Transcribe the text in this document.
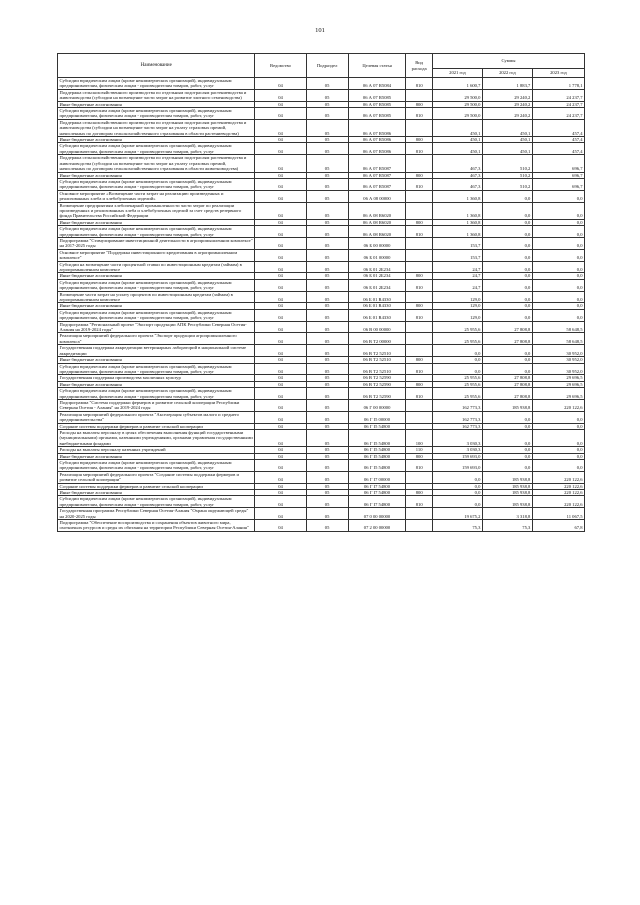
101
Наименование	Ведомство	Подраздел	Целевая статья	Вид расхода	Суммы		
					2021 год	2022 год	2023 год
Субсидии юридическим лицам (кроме некоммерческих организаций), индивидуальным предпринимателям, физическим лицам - производителям товаров, работ, услуг	04	05	06 А 07 R5084	810	1 600,7	1 883,7	1 778,1
Поддержка сельскохозяйственного производства по отдельным подотраслям растениеводства и животноводства (субсидии на возмещение части затрат на развитие элитного семеноводства)	04	05	06 А 07 R5085		29 500,0	29 240,2	24 237,7
Иные бюджетные ассигнования	04	05	06 А 07 R5085	800	29 500,0	29 240,2	24 237,7
Субсидии юридическим лицам (кроме некоммерческих организаций), индивидуальным предпринимателям, физическим лицам - производителям товаров, работ, услуг	04	05	06 А 07 R5085	810	29 500,0	29 240,2	24 237,7
Поддержка сельскохозяйственного производства по отдельным подотраслям растениеводства и животноводства (субсидии на возмещение части затрат на уплату страховых премий, начисленных по договорам сельскохозяйственного страхования в области растениеводства)	04	05	06 А 07 R5086		450,1	450,1	457,4
Иные бюджетные ассигнования	04	05	06 А 07 R5086	800	450,1	450,1	457,4
Субсидии юридическим лицам (кроме некоммерческих организаций), индивидуальным предпринимателям, физическим лицам - производителям товаров, работ, услуг	04	05	06 А 07 R5086	810	450,1	450,1	457,4
Поддержка сельскохозяйственного производства по отдельным подотраслям растениеводства и животноводства (субсидии на возмещение части затрат на уплату страховых премий, начисленных по договорам сельскохозяйственного страхования в области животноводства)	04	05	06 А 07 R5087		467,3	510,2	696,7
Иные бюджетные ассигнования	04	05	06 А 07 R5087	800	467,3	510,2	696,7
Субсидии юридическим лицам (кроме некоммерческих организаций), индивидуальным предпринимателям, физическим лицам - производителям товаров, работ, услуг	04	05	06 А 07 R5087	810	467,3	510,2	696,7
Основное мероприятие «Возмещение части затрат на реализацию произведенных и реализованных хлеба и хлебобулочных изделий»	04	05	06 А 08 00000		1 360,8	0,0	0,0
Возмещение предприятиям хлебопекарной промышленности части затрат по реализации произведенных и реализованных хлеба и хлебобулочных изделий за счет средств резервного фонда Правительства Российской Федерации	04	05	06 А 08 R6020		1 360,8	0,0	0,0
Иные бюджетные ассигнования	04	05	06 А 08 R6020	800	1 360,8	0,0	0,0
Субсидии юридическим лицам (кроме некоммерческих организаций), индивидуальным предпринимателям, физическим лицам - производителям товаров, работ, услуг	04	05	06 А 08 R6020	810	1 360,8	0,0	0,0
Подпрограмма "Стимулирование инвестиционной деятельности в агропромышленном комплексе" на 2017-2025 годы	04	05	06 Б 00 00000		153,7	0,0	0,0
Основное мероприятие "Поддержка инвестиционного кредитования в агропромышленном комплексе"	04	05	06 Б 01 00000		153,7	0,0	0,0
Субсидии на возмещение части процентной ставки по инвестиционным кредитам (займам) в агропромышленном комплексе	04	05	06 Б 01 2Б234		24,7	0,0	0,0
Иные бюджетные ассигнования	04	05	06 Б 01 2Б234	800	24,7	0,0	0,0
Субсидии юридическим лицам (кроме некоммерческих организаций), индивидуальным предпринимателям, физическим лицам - производителям товаров, работ, услуг	04	05	06 Б 01 2Б234	810	24,7	0,0	0,0
Возмещение части затрат на уплату процентов по инвестиционным кредитам (займам) в агропромышленном комплексе	04	05	06 Б 01 R4330		129,0	0,0	0,0
Иные бюджетные ассигнования	04	05	06 Б 01 R4330	800	129,0	0,0	0,0
Субсидии юридическим лицам (кроме некоммерческих организаций), индивидуальным предпринимателям, физическим лицам - производителям товаров, работ, услуг	04	05	06 Б 01 R4330	810	129,0	0,0	0,0
Подпрограмма "Региональный проект "Экспорт продукции АПК Республики Северная Осетия-Алания на 2019-2024 годы"	04	05	06 В 00 00000		25 955,6	27 808,8	58 648,5
Реализация мероприятий федерального проекта "Экспорт продукции агропромышленного комплекса"	04	05	06 В Т2 00000		25 955,6	27 808,8	58 648,5
Государственная поддержка аккредитации ветеринарных лабораторий в национальной системе аккредитации	04	05	06 В Т2 52510		0,0	0,0	30 952,0
Иные бюджетные ассигнования	04	05	06 В Т2 52510	800	0,0	0,0	30 952,0
Субсидии юридическим лицам (кроме некоммерческих организаций), индивидуальным предпринимателям, физическим лицам - производителям товаров, работ, услуг	04	05	06 В Т2 52510	810	0,0	0,0	30 952,0
Государственная поддержка производства масличных культур	04	05	06 В Т2 52590		25 955,6	27 808,8	29 696,5
Иные бюджетные ассигнования	04	05	06 В Т2 52590	800	25 955,6	27 808,8	29 696,5
Субсидии юридическим лицам (кроме некоммерческих организаций), индивидуальным предпринимателям, физическим лицам - производителям товаров, работ, услуг	04	05	06 В Т2 52590	810	25 955,6	27 808,8	29 696,5
Подпрограмма "Система поддержки фермеров и развитие сельской кооперации Республики Северная Осетия - Алания" на 2019-2024 годы	04	05	06 Г 00 00000		162 773,3	185 938,8	220 122,6
Реализация мероприятий федерального проекта "Акселерация субъектов малого и среднего предпринимательства"	04	05	06 Г I5 00000		162 773,3	0,0	0,0
Создание системы поддержки фермеров и развитие сельской кооперации	04	05	06 Г I5 54800		162 773,3	0,0	0,0
Расходы на выплаты персоналу в целях обеспечения выполнения функций государственными (муниципальными) органами, казенными учреждениями, органами управления государственными внебюджетными фондами	04	05	06 Г I5 54800	100	3 030,3	0,0	0,0
Расходы на выплаты персоналу казенных учреждений	04	05	06 Г I5 54800	110	3 030,3	0,0	0,0
Иные бюджетные ассигнования	04	05	06 Г I5 54800	800	159 693,0	0,0	0,0
Субсидии юридическим лицам (кроме некоммерческих организаций), индивидуальным предпринимателям, физическим лицам - производителям товаров, работ, услуг	04	05	06 Г I5 54800	810	159 693,0	0,0	0,0
Реализация мероприятий федерального проекта "Создание системы поддержки фермеров и развитие сельской кооперации"	04	05	06 Г I7 00000		0,0	185 938,8	220 122,6
Создание системы поддержки фермеров и развитие сельской кооперации	04	05	06 Г I7 54800		0,0	185 938,8	220 122,6
Иные бюджетные ассигнования	04	05	06 Г I7 54800	800	0,0	185 938,8	220 122,6
Субсидии юридическим лицам (кроме некоммерческих организаций), индивидуальным предпринимателям, физическим лицам - производителям товаров, работ, услуг	04	05	06 Г I7 54800	810	0,0	185 938,8	220 122,6
Государственная программа Республики Северная Осетия-Алания "Охрана окружающей среды" на 2020-2025 годы	04	05	07 0 00 00000		19 675,2	3 318,8	11 067,5
Подпрограмма "Обеспечение воспроизводства и сохранения объектов животного мира, охотничьих ресурсов и среды их обитания на территории Республики Северная Осетия-Алания"	04	05	07 2 00 00000		75,3	75,3	67,8
